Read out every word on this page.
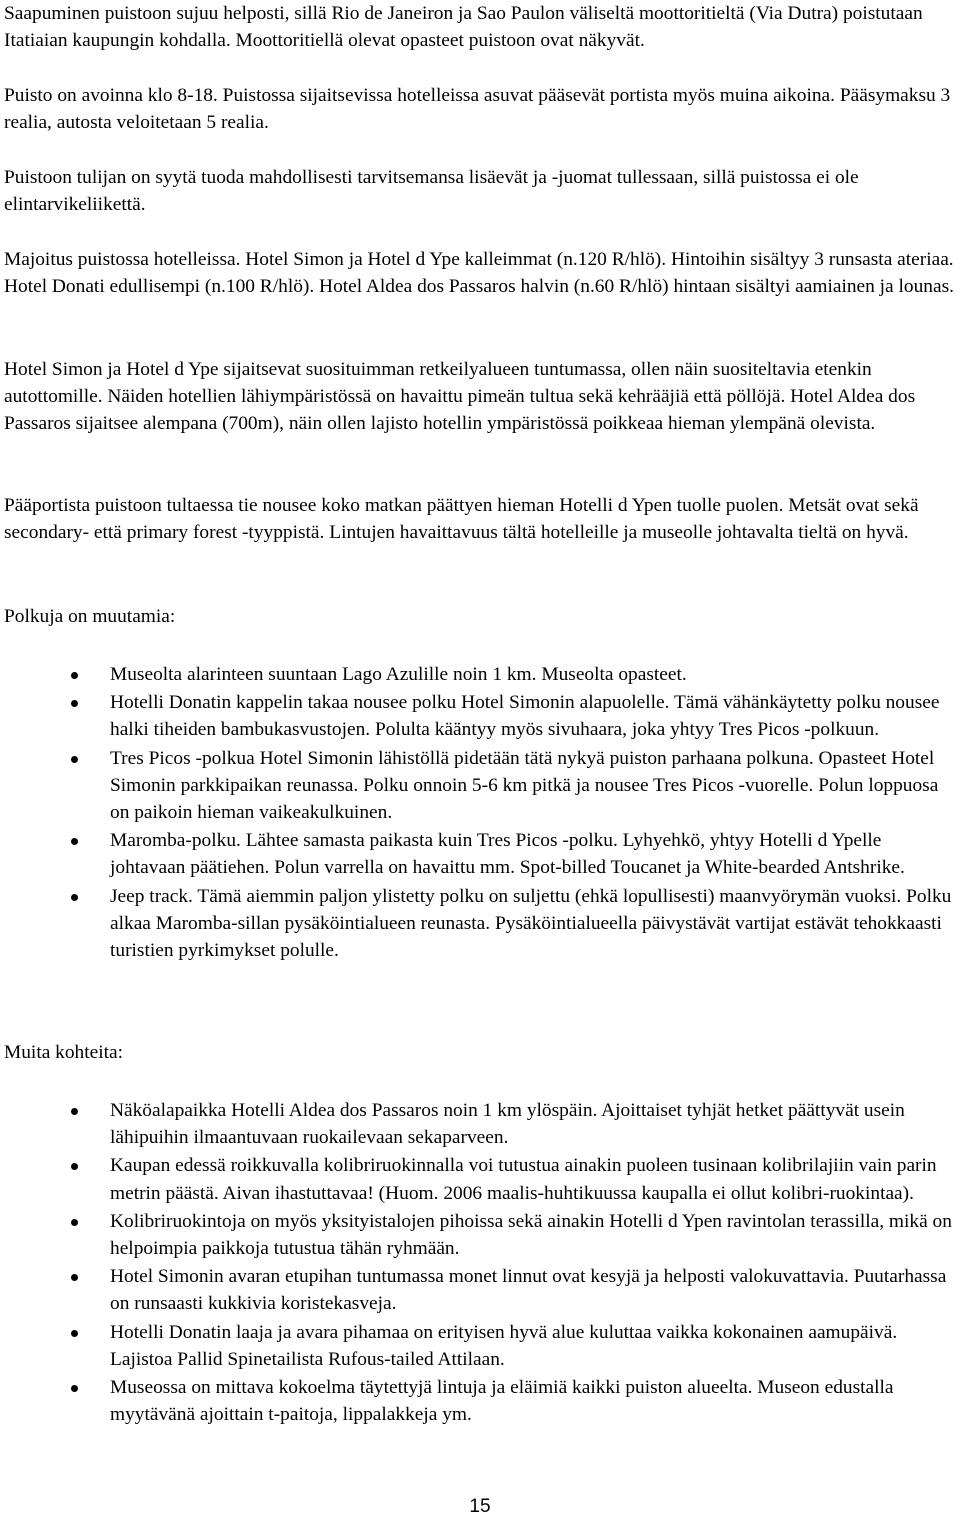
Saapuminen puistoon sujuu helposti, sillä Rio de Janeiron ja Sao Paulon väliseltä moottoritieltä (Via Dutra) poistutaan Itatiaian kaupungin kohdalla. Moottoritiellä olevat opasteet puistoon ovat näkyvät.

Puisto on avoinna klo 8-18. Puistossa sijaitsevissa hotelleissa asuvat pääsevät portista myös muina aikoina. Pääsymaksu 3 realia, autosta veloitetaan 5 realia.

Puistoon tulijan on syytä tuoda mahdollisesti tarvitsemansa lisäevät ja -juomat tullessaan, sillä puistossa ei ole elintarvikeliikettä.

Majoitus puistossa hotelleissa. Hotel Simon ja Hotel d Ype kalleimmat (n.120 R/hlö). Hintoihin sisältyy 3 runsasta ateriaa. Hotel Donati edullisempi (n.100 R/hlö). Hotel Aldea dos Passaros halvin (n.60 R/hlö) hintaan sisältyi aamiainen ja lounas.

Hotel Simon ja Hotel d Ype sijaitsevat suosituimman retkeilyalueen tuntumassa, ollen näin suositeltavia etenkin autottomille. Näiden hotellien lähiympäristössä on havaittu pimeän tultua sekä kehrääjiä että pöllöjä. Hotel Aldea dos Passaros sijaitsee alempana (700m), näin ollen lajisto hotellin ympäristössä poikkeaa hieman ylempänä olevista.

Pääportista puistoon tultaessa tie nousee koko matkan päättyen hieman Hotelli d Ypen tuolle puolen. Metsät ovat sekä secondary- että primary forest -tyyppistä. Lintujen havaittavuus tältä hotelleille ja museolle johtavalta tieltä on hyvä.

Polkuja on muutamia:

Museolta alarinteen suuntaan Lago Azulille noin 1 km. Museolta opasteet.
Hotelli Donatin kappelin takaa nousee polku Hotel Simonin alapuolelle. Tämä vähänkäytetty polku nousee halki tiheiden bambukasvustojen. Polulta kääntyy myös sivuhaara, joka yhtyy Tres Picos -polkuun.
Tres Picos -polkua Hotel Simonin lähistöllä pidetään tätä nykyä puiston parhaana polkuna. Opasteet Hotel Simonin parkkipaikan reunassa. Polku onnoin 5-6 km pitkä ja nousee Tres Picos -vuorelle. Polun loppuosa on paikoin hieman vaikeakulkuinen.
Maromba-polku. Lähtee samasta paikasta kuin Tres Picos -polku. Lyhyehkö, yhtyy Hotelli d Ypelle johtavaan päätiehen. Polun varrella on havaittu mm. Spot-billed Toucanet ja White-bearded Antshrike.
Jeep track. Tämä aiemmin paljon ylistetty polku on suljettu (ehkä lopullisesti) maanvyörymän vuoksi. Polku alkaa Maromba-sillan pysäköintialueen reunasta. Pysäköintialueella päivystävät vartijat estävät tehokkaasti turistien pyrkimykset polulle.

Muita kohteita:

Näköalapaikka Hotelli Aldea dos Passaros noin 1 km ylöspäin. Ajoittaiset tyhjät hetket päättyvät usein lähipuihin ilmaantuvaan ruokailevaan sekaparveen.
Kaupan edessä roikkuvalla kolibriruokinnalla voi tutustua ainakin puoleen tusinaan kolibrilajiin vain parin metrin päästä. Aivan ihastuttavaa! (Huom. 2006 maalis-huhtikuussa kaupalla ei ollut kolibri-ruokintaa).
Kolibriruokintoja on myös yksityistalojen pihoissa sekä ainakin Hotelli d Ypen ravintolan terassilla, mikä on helpoimpia paikkoja tutustua tähän ryhmään.
Hotel Simonin avaran etupihan tuntumassa monet linnut ovat kesyjä ja helposti valokuvattavia. Puutarhassa on runsaasti kukkivia koristekasveja.
Hotelli Donatin laaja ja avara pihamaa on erityisen hyvä alue kuluttaa vaikka kokonainen aamupäivä. Lajistoa Pallid Spinetailista Rufous-tailed Attilaan.
Museossa on mittava kokoelma täytettyjä lintuja ja eläimiä kaikki puiston alueelta. Museon edustalla myytävänä ajoittain t-paitoja, lippalakkeja ym.
15
